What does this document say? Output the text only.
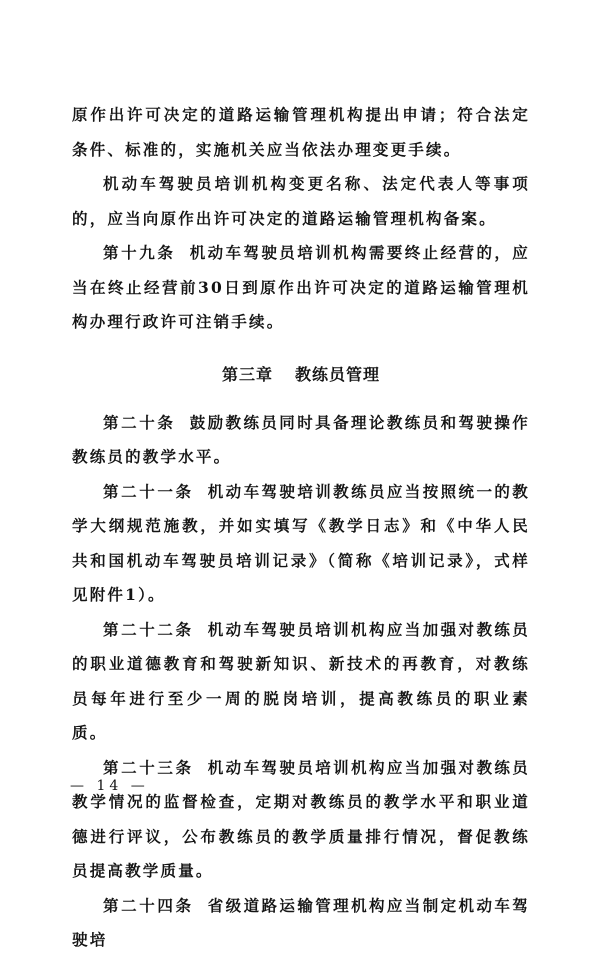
原作出许可决定的道路运输管理机构提出申请；符合法定条件、标准的，实施机关应当依法办理变更手续。

机动车驾驶员培训机构变更名称、法定代表人等事项的，应当向原作出许可决定的道路运输管理机构备案。

第十九条 机动车驾驶员培训机构需要终止经营的，应当在终止经营前30日到原作出许可决定的道路运输管理机构办理行政许可注销手续。

第三章 教练员管理

第二十条 鼓励教练员同时具备理论教练员和驾驶操作教练员的教学水平。

第二十一条 机动车驾驶培训教练员应当按照统一的教学大纲规范施教，并如实填写《教学日志》和《中华人民共和国机动车驾驶员培训记录》（简称《培训记录》，式样见附件1）。

第二十二条 机动车驾驶员培训机构应当加强对教练员的职业道德教育和驾驶新知识、新技术的再教育，对教练员每年进行至少一周的脱岗培训，提高教练员的职业素质。

第二十三条 机动车驾驶员培训机构应当加强对教练员教学情况的监督检查，定期对教练员的教学水平和职业道德进行评议，公布教练员的教学质量排行情况，督促教练员提高教学质量。

第二十四条 省级道路运输管理机构应当制定机动车驾驶培

— 14 —
